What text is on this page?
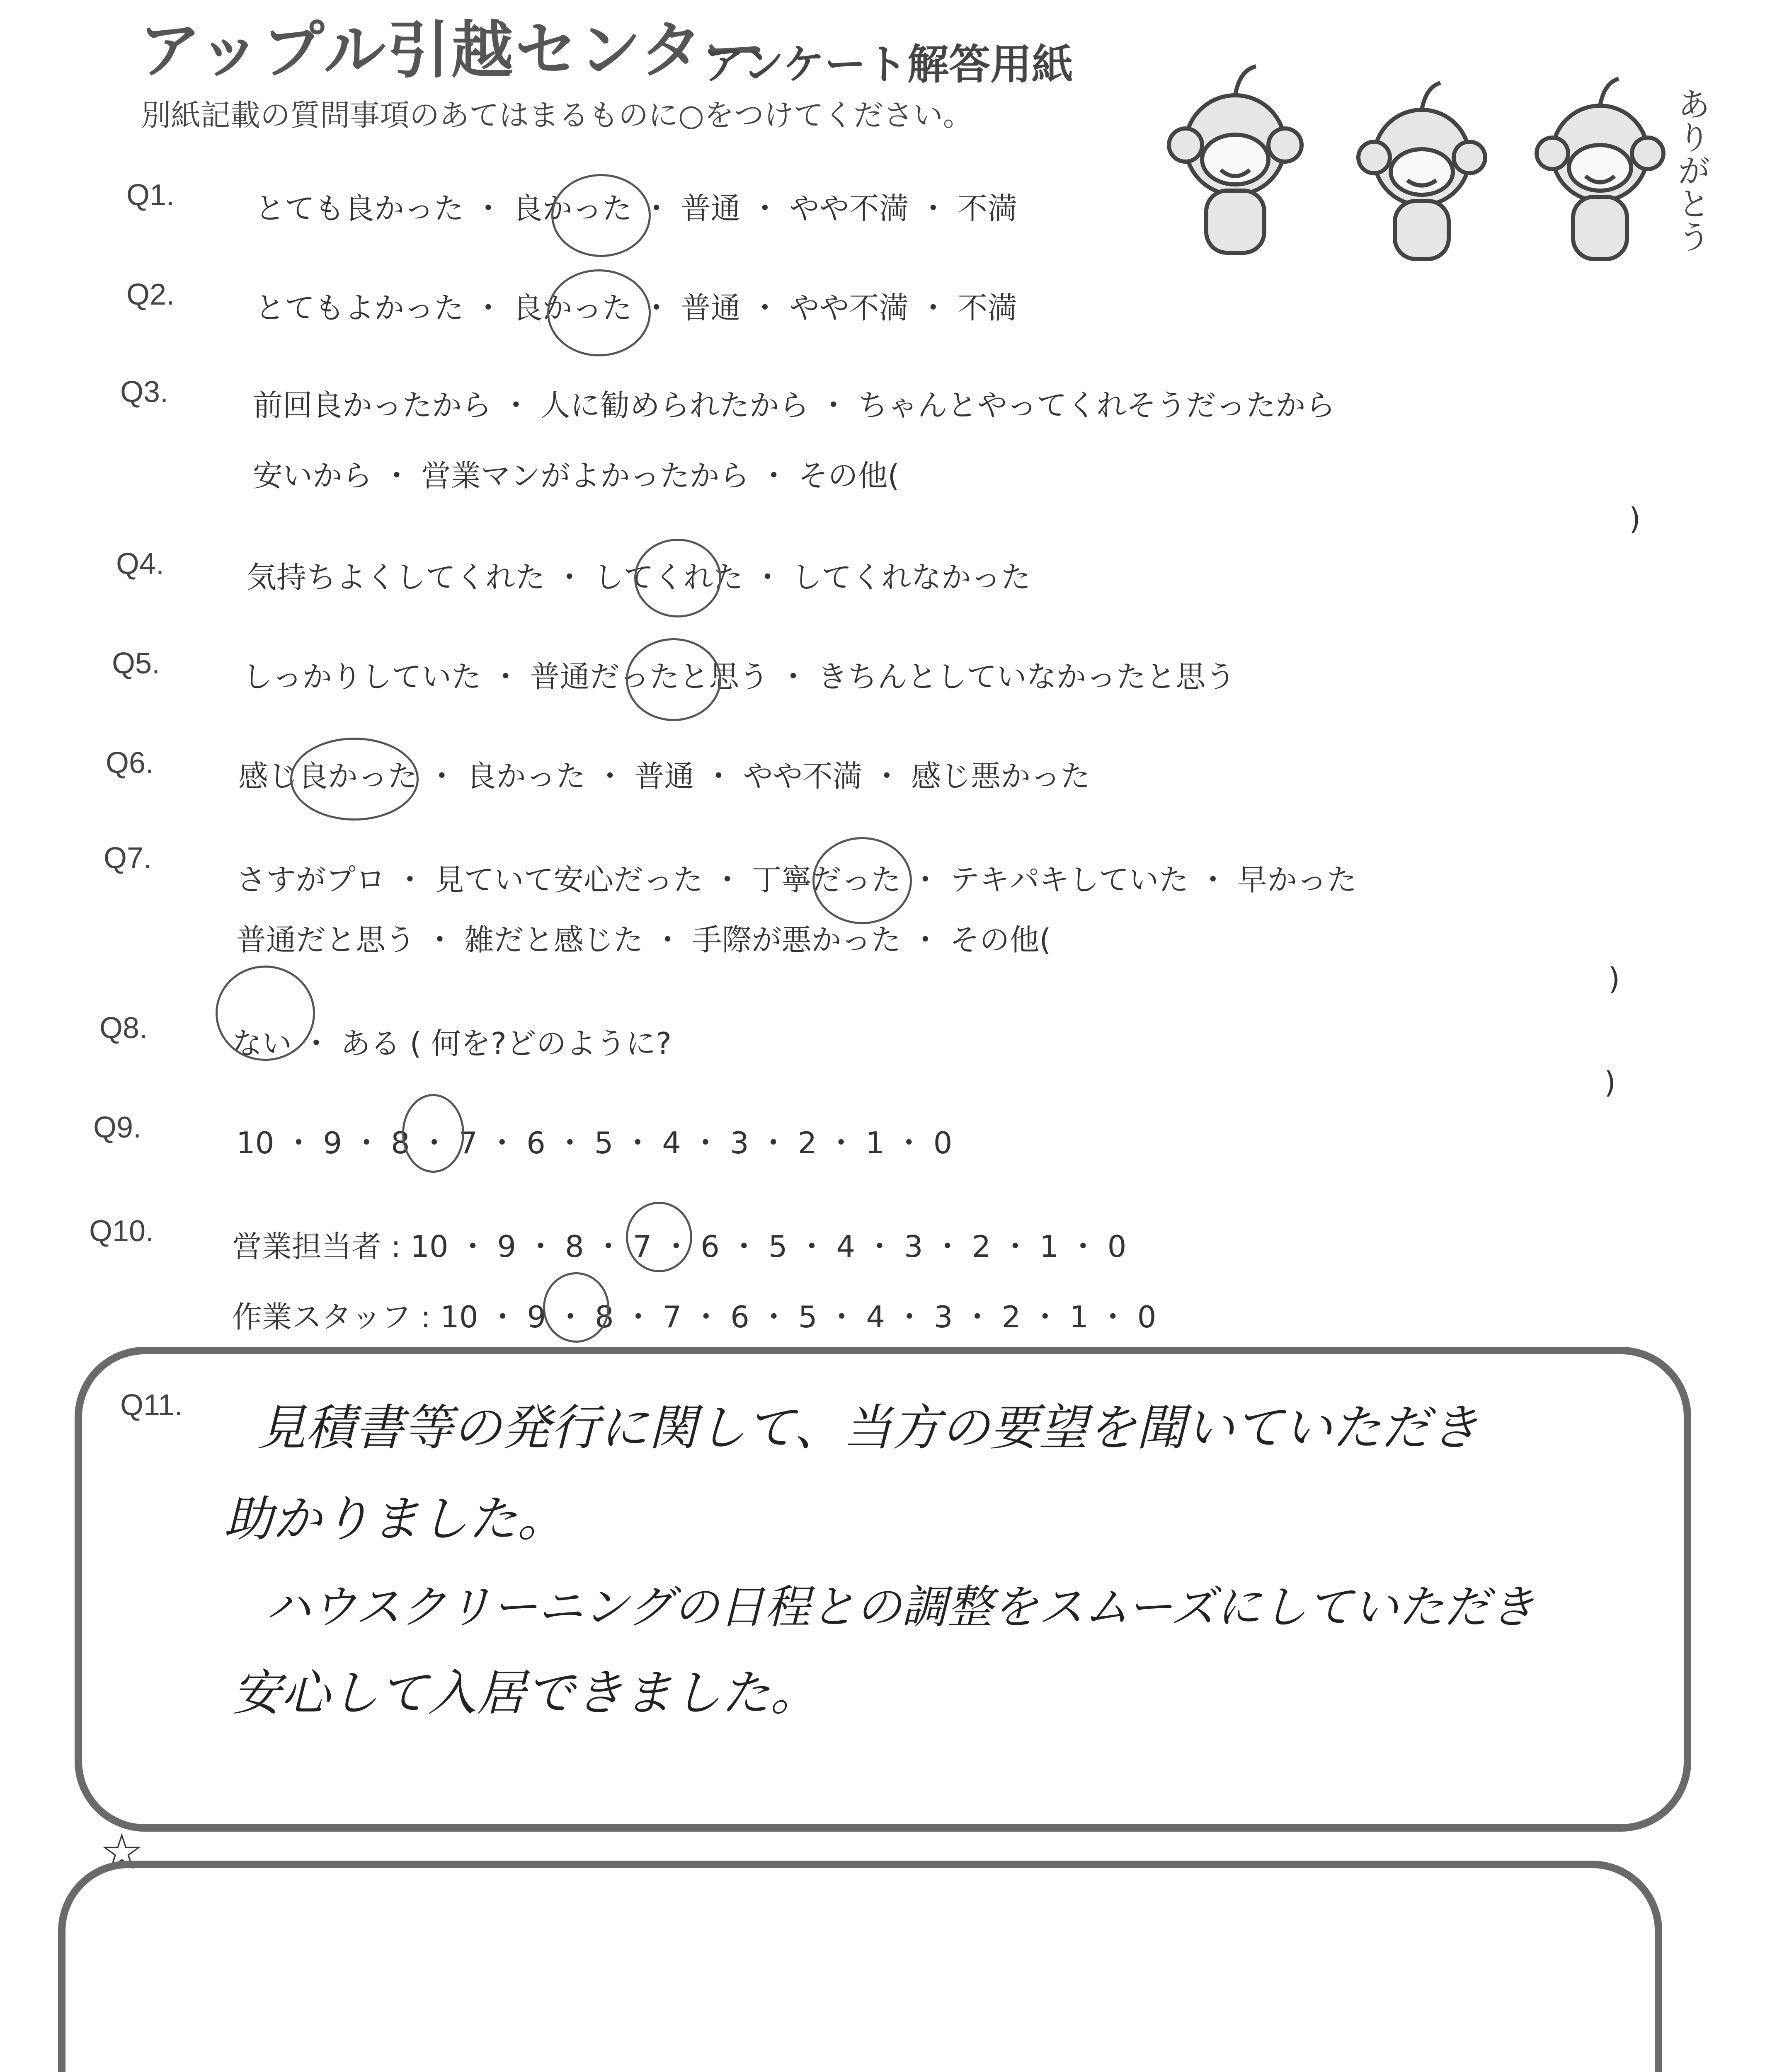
アップル引越センター
アンケート解答用紙
別紙記載の質問事項のあてはまるものに○をつけてください。	ありがとう
Q1.	とても良かった ・ 良かった ・ 普通 ・ やや不満 ・ 不満
Q2.	とてもよかった ・ 良かった ・ 普通 ・ やや不満 ・ 不満
Q3.	前回良かったから ・ 人に勧められたから ・ ちゃんとやってくれそうだったから
安いから ・ 営業マンがよかったから ・ その他(
)
Q4.	気持ちよくしてくれた ・ してくれた ・ してくれなかった
Q5.	しっかりしていた ・ 普通だったと思う ・ きちんとしていなかったと思う
Q6.	感じ良かった ・ 良かった ・ 普通 ・ やや不満 ・ 感じ悪かった
Q7.
さすがプロ ・ 見ていて安心だった ・ 丁寧だった ・ テキパキしていた ・ 早かった
普通だと思う ・ 雑だと感じた ・ 手際が悪かった ・ その他(
)
Q8.	ない ・ ある ( 何を?どのように?
)
Q9.	10 ・ 9 ・ 8 ・ 7 ・ 6 ・ 5 ・ 4 ・ 3 ・ 2 ・ 1 ・ 0
Q10.	営業担当者 : 10 ・ 9 ・ 8 ・ 7 ・ 6 ・ 5 ・ 4 ・ 3 ・ 2 ・ 1 ・ 0
作業スタッフ : 10 ・ 9 ・ 8 ・ 7 ・ 6 ・ 5 ・ 4 ・ 3 ・ 2 ・ 1 ・ 0
Q11. 見積書等の発行に関して、当方の要望を聞いていただき
助かりました。
ハウスクリーニングの日程との調整をスムーズにしていただき
安心して入居できました。
☆
